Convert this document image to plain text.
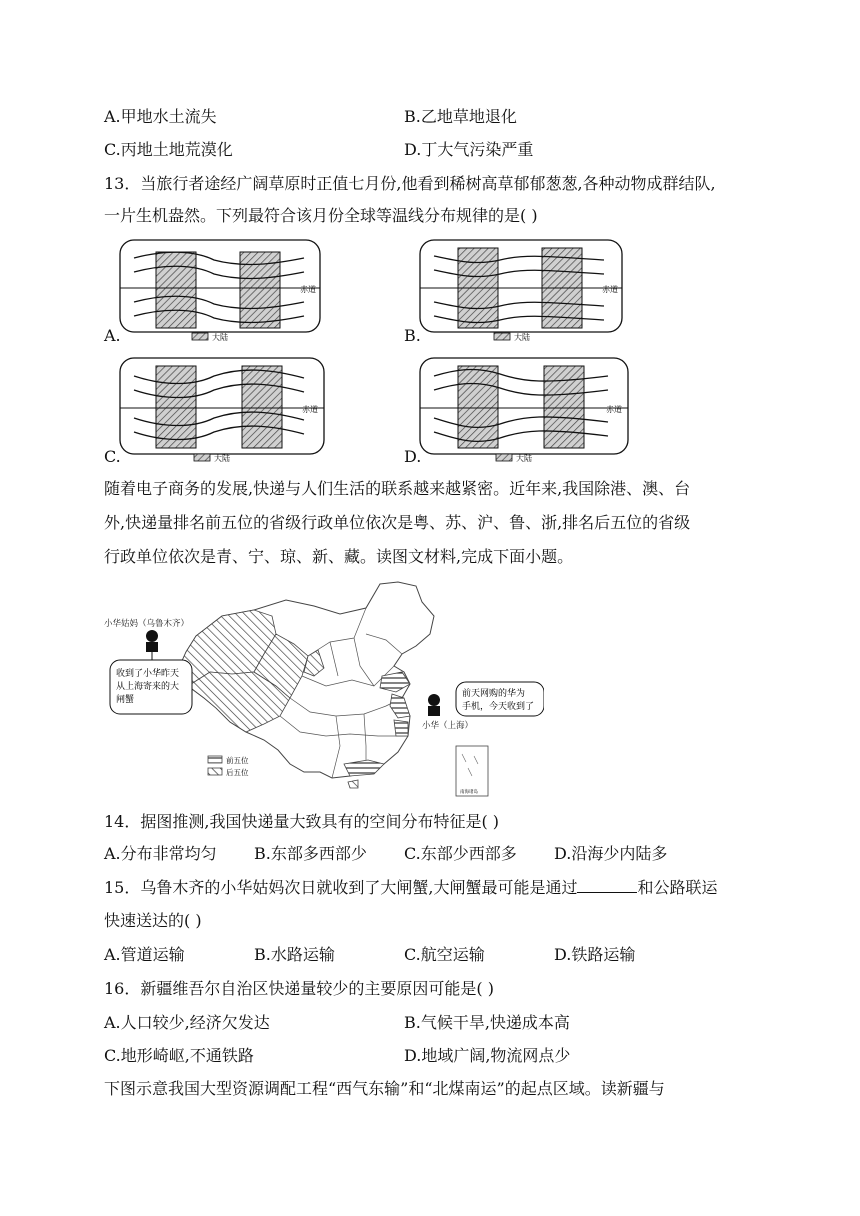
A.甲地水土流失	B.乙地草地退化
C.丙地土地荒漠化	D.丁大气污染严重
13．当旅行者途经广阔草原时正值七月份,他看到稀树高草郁郁葱葱,各种动物成群结队,
一片生机盎然。下列最符合该月份全球等温线分布规律的是( )
赤道
大陆
赤道
大陆
赤道
大陆
赤道
大陆
A.	B.
C.	D.
随着电子商务的发展,快递与人们生活的联系越来越紧密。近年来,我国除港、澳、台
外,快递量排名前五位的省级行政单位依次是粤、苏、沪、鲁、浙,排名后五位的省级
行政单位依次是青、宁、琼、新、藏。读图文材料,完成下面小题。
小华姑妈（乌鲁木齐）
收到了小华昨天
从上海寄来的大
闸蟹
小华（上海）
前天网购的华为
手机，今天收到了
前五位
后五位
南海诸岛
14．据图推测,我国快递量大致具有的空间分布特征是( )
A.分布非常均匀 B.东部多西部少 C.东部少西部多 D.沿海少内陆多
15．乌鲁木齐的小华姑妈次日就收到了大闸蟹,大闸蟹最可能是通过	和公路联运
快速送达的( )
A.管道运输	B.水路运输	C.航空运输	D.铁路运输
16．新疆维吾尔自治区快递量较少的主要原因可能是( )
A.人口较少,经济欠发达	B.气候干旱,快递成本高
C.地形崎岖,不通铁路	D.地域广阔,物流网点少
下图示意我国大型资源调配工程“西气东输”和“北煤南运”的起点区域。读新疆与
